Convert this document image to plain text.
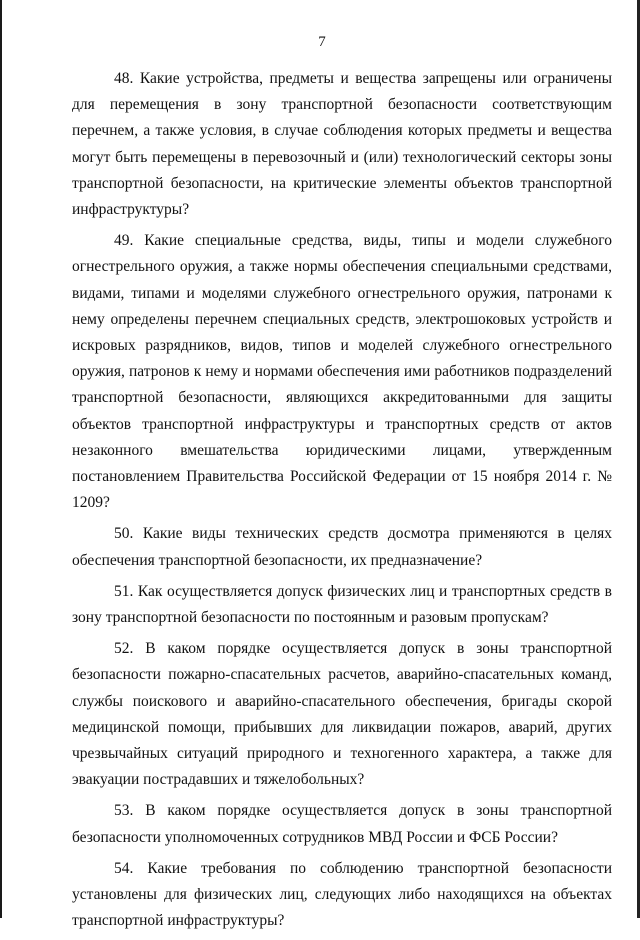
7

48. Какие устройства, предметы и вещества запрещены или ограничены для перемещения в зону транспортной безопасности соответствующим перечнем, а также условия, в случае соблюдения которых предметы и вещества могут быть перемещены в перевозочный и (или) технологический секторы зоны транспортной безопасности, на критические элементы объектов транспортной инфраструктуры?

49. Какие специальные средства, виды, типы и модели служебного огнестрельного оружия, а также нормы обеспечения специальными средствами, видами, типами и моделями служебного огнестрельного оружия, патронами к нему определены перечнем специальных средств, электрошоковых устройств и искровых разрядников, видов, типов и моделей служебного огнестрельного оружия, патронов к нему и нормами обеспечения ими работников подразделений транспортной безопасности, являющихся аккредитованными для защиты объектов транспортной инфраструктуры и транспортных средств от актов незаконного вмешательства юридическими лицами, утвержденным постановлением Правительства Российской Федерации от 15 ноября 2014 г. № 1209?

50. Какие виды технических средств досмотра применяются в целях обеспечения транспортной безопасности, их предназначение?

51. Как осуществляется допуск физических лиц и транспортных средств в зону транспортной безопасности по постоянным и разовым пропускам?

52. В каком порядке осуществляется допуск в зоны транспортной безопасности пожарно-спасательных расчетов, аварийно-спасательных команд, службы поискового и аварийно-спасательного обеспечения, бригады скорой медицинской помощи, прибывших для ликвидации пожаров, аварий, других чрезвычайных ситуаций природного и техногенного характера, а также для эвакуации пострадавших и тяжелобольных?

53. В каком порядке осуществляется допуск в зоны транспортной безопасности уполномоченных сотрудников МВД России и ФСБ России?

54. Какие требования по соблюдению транспортной безопасности установлены для физических лиц, следующих либо находящихся на объектах транспортной инфраструктуры?
